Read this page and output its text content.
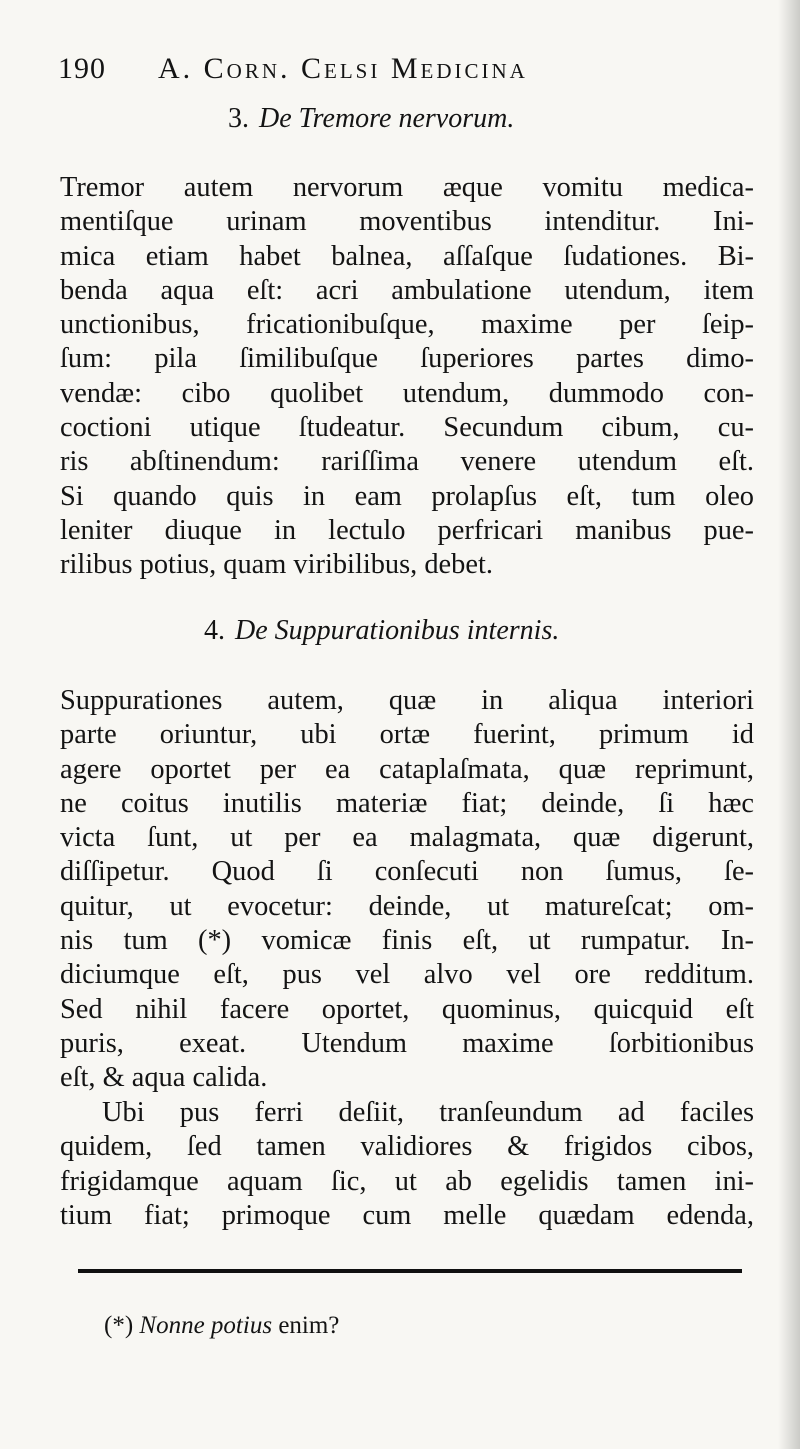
190 A. Corn. Celsi Medicina
3. De Tremore nervorum.
Tremor autem nervorum æque vomitu medica-
mentiſque urinam moventibus intenditur. Ini-
mica etiam habet balnea, aſſaſque ſudationes. Bi-
benda aqua eſt: acri ambulatione utendum, item
unctionibus, fricationibuſque, maxime per ſeip-
ſum: pila ſimilibuſque ſuperiores partes dimo-
vendæ: cibo quolibet utendum, dummodo con-
coctioni utique ſtudeatur. Secundum cibum, cu-
ris abſtinendum: rariſſima venere utendum eſt.
Si quando quis in eam prolapſus eſt, tum oleo
leniter diuque in lectulo perfricari manibus pue-
rilibus potius, quam viribilibus, debet.
4. De Suppurationibus internis.
Suppurationes autem, quæ in aliqua interiori
parte oriuntur, ubi ortæ fuerint, primum id
agere oportet per ea cataplaſmata, quæ reprimunt,
ne coitus inutilis materiæ fiat; deinde, ſi hæc
victa ſunt, ut per ea malagmata, quæ digerunt,
diſſipetur. Quod ſi conſecuti non ſumus, ſe-
quitur, ut evocetur: deinde, ut matureſcat; om-
nis tum (*) vomicæ finis eſt, ut rumpatur. In-
diciumque eſt, pus vel alvo vel ore redditum.
Sed nihil facere oportet, quominus, quicquid eſt
puris, exeat. Utendum maxime ſorbitionibus
eſt, & aqua calida.
Ubi pus ferri deſiit, tranſeundum ad faciles
quidem, ſed tamen validiores & frigidos cibos,
frigidamque aquam ſic, ut ab egelidis tamen ini-
tium fiat; primoque cum melle quædam edenda,
(*) Nonne potius enim?
